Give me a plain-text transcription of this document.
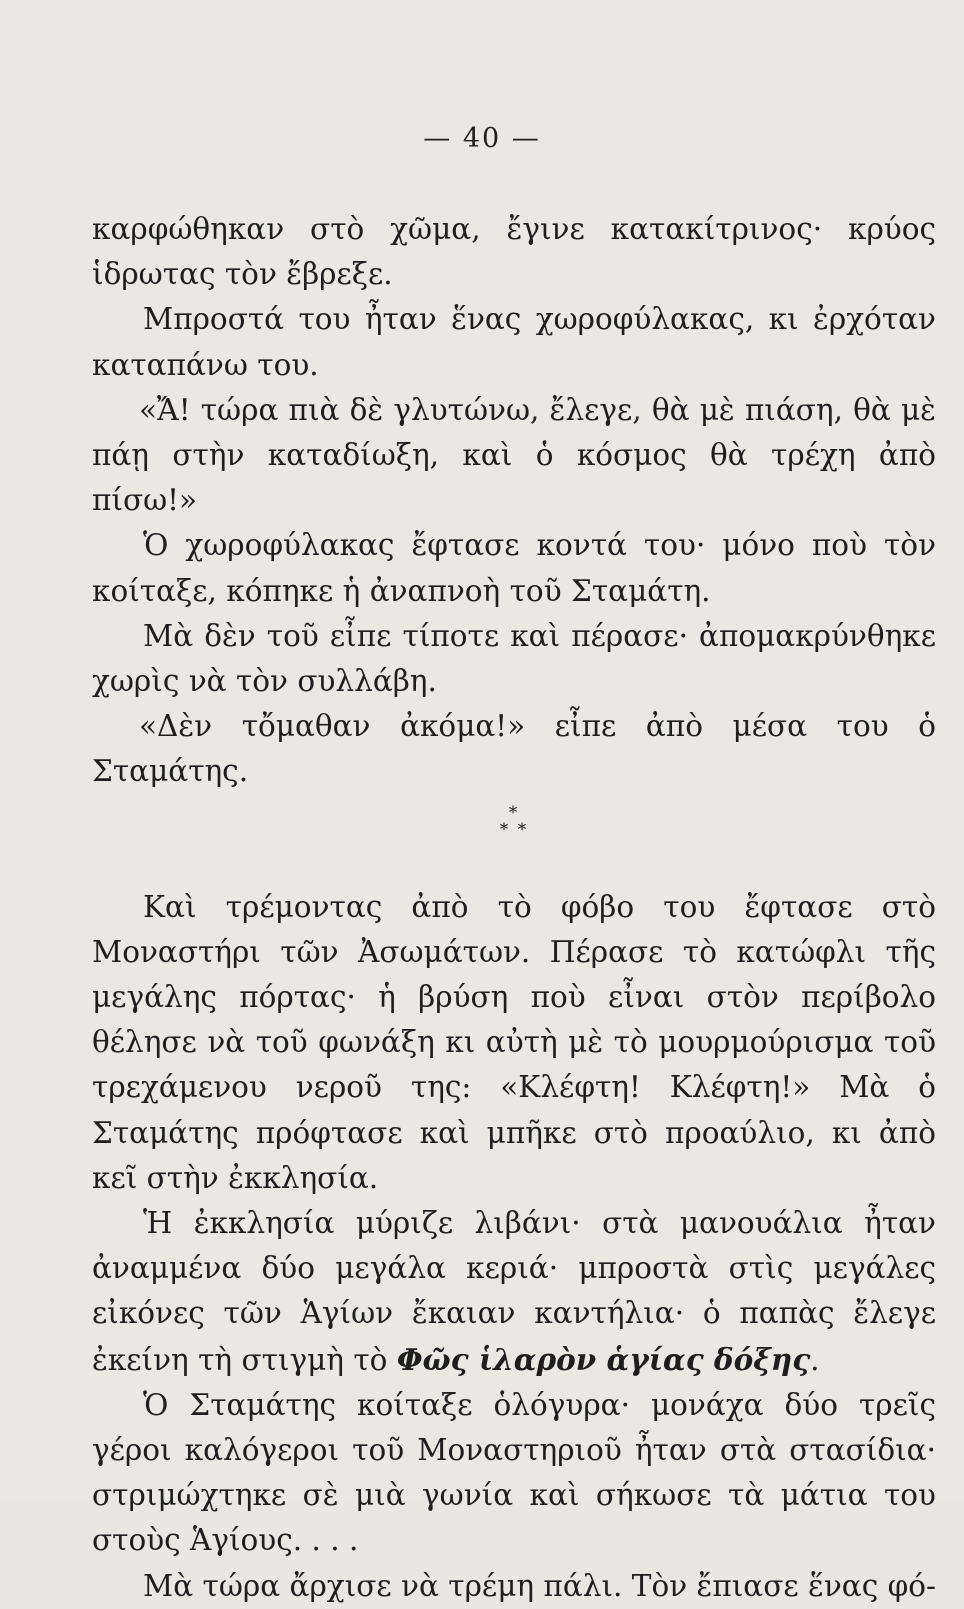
— 40 —

καρφώθηκαν στὸ χῶμα, ἔγινε κατακίτρινος· κρύος ἱδρωτας τὸν ἔβρεξε.

Μπροστά του ἦταν ἕνας χωροφύλακας, κι ἐρχόταν καταπάνω του.

«Ἄ! τώρα πιὰ δὲ γλυτώνω, ἔλεγε, θὰ μὲ πιάση, θὰ μὲ πάῃ στὴν καταδίωξη, καὶ ὁ κόσμος θὰ τρέχη ἀπὸ πίσω!»

Ὁ χωροφύλακας ἔφτασε κοντά του· μόνο ποὺ τὸν κοίταξε, κόπηκε ἡ ἀναπνοὴ τοῦ Σταμάτη.

Μὰ δὲν τοῦ εἶπε τίποτε καὶ πέρασε· ἀπομακρύνθηκε χωρὶς νὰ τὸν συλλάβη.

«Δὲν τὄμαθαν ἀκόμα!» εἶπε ἀπὸ μέσα του ὁ Σταμάτης.

*
* *

Καὶ τρέμοντας ἀπὸ τὸ φόβο του ἔφτασε στὸ Μοναστήρι τῶν Ἀσωμάτων. Πέρασε τὸ κατώφλι τῆς μεγάλης πόρτας· ἡ βρύση ποὺ εἶναι στὸν περίβολο θέλησε νὰ τοῦ φωνάξη κι αὐτὴ μὲ τὸ μουρμούρισμα τοῦ τρεχάμενου νεροῦ της: «Κλέφτη! Κλέφτη!» Μὰ ὁ Σταμάτης πρόφτασε καὶ μπῆκε στὸ προαύλιο, κι ἀπὸ κεῖ στὴν ἐκκλησία.

Ἡ ἐκκλησία μύριζε λιβάνι· στὰ μανουάλια ἦταν ἀναμμένα δύο μεγάλα κεριά· μπροστὰ στὶς μεγάλες εἰκόνες τῶν Ἁγίων ἔκαιαν καντήλια· ὁ παπὰς ἔλεγε ἐκείνη τὴ στιγμὴ τὸ Φῶς ἱλαρὸν ἁγίας δόξης.

Ὁ Σταμάτης κοίταξε ὁλόγυρα· μονάχα δύο τρεῖς γέροι καλόγεροι τοῦ Μοναστηριοῦ ἦταν στὰ στασίδια· στριμώχτηκε σὲ μιὰ γωνία καὶ σήκωσε τὰ μάτια του στοὺς Ἁγίους. . . .

Μὰ τώρα ἄρχισε νὰ τρέμη πάλι. Τὸν ἔπιασε ἕνας φό-
